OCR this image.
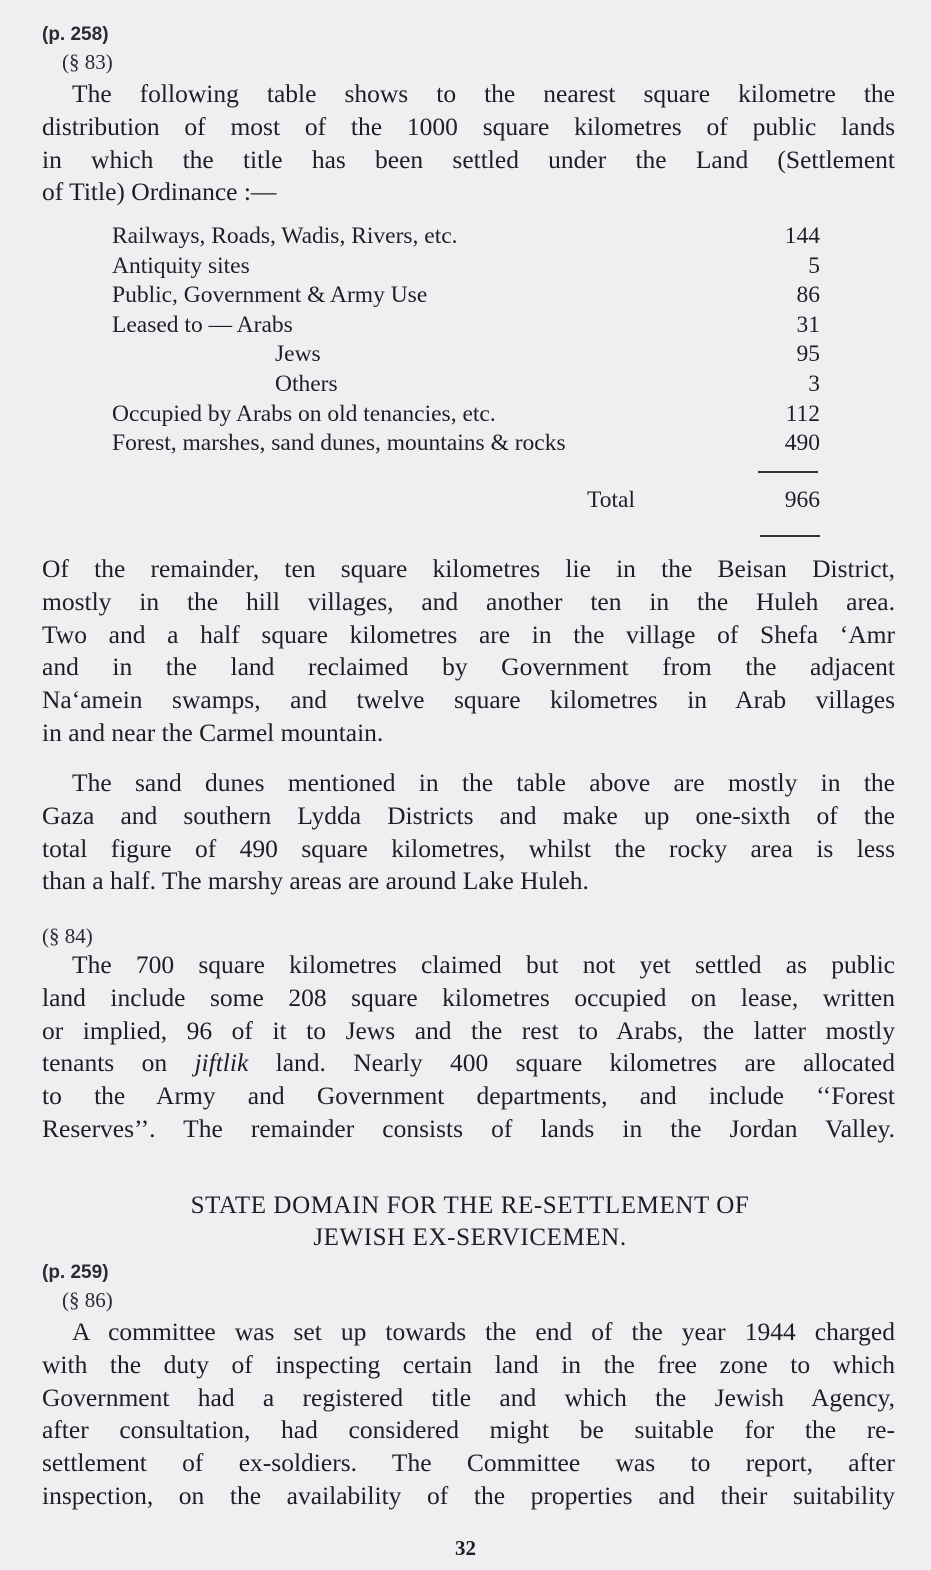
(p. 258)
(§ 83)
The following table shows to the nearest square kilometre the
distribution of most of the 1000 square kilometres of public lands
in which the title has been settled under the Land (Settlement
of Title) Ordinance :—
Railways, Roads, Wadis, Rivers, etc.	144
Antiquity sites	5
Public, Government & Army Use	86
Leased to — Arabs	31
Jews	95
Others	3
Occupied by Arabs on old tenancies, etc.	112
Forest, marshes, sand dunes, mountains & rocks	490
Total	966
Of the remainder, ten square kilometres lie in the Beisan District,
mostly in the hill villages, and another ten in the Huleh area.
Two and a half square kilometres are in the village of Shefa ‘Amr
and in the land reclaimed by Government from the adjacent
Na‘amein swamps, and twelve square kilometres in Arab villages
in and near the Carmel mountain.
The sand dunes mentioned in the table above are mostly in the
Gaza and southern Lydda Districts and make up one-sixth of the
total figure of 490 square kilometres, whilst the rocky area is less
than a half. The marshy areas are around Lake Huleh.
(§ 84)
The 700 square kilometres claimed but not yet settled as public
land include some 208 square kilometres occupied on lease, written
or implied, 96 of it to Jews and the rest to Arabs, the latter mostly
tenants on jiftlik land. Nearly 400 square kilometres are allocated
to the Army and Government departments, and include ‘‘Forest
Reserves’’. The remainder consists of lands in the Jordan Valley.
STATE DOMAIN FOR THE RE-SETTLEMENT OF
JEWISH EX-SERVICEMEN.
(p. 259)
(§ 86)
A committee was set up towards the end of the year 1944 charged
with the duty of inspecting certain land in the free zone to which
Government had a registered title and which the Jewish Agency,
after consultation, had considered might be suitable for the re-
settlement of ex-soldiers. The Committee was to report, after
inspection, on the availability of the properties and their suitability
32
